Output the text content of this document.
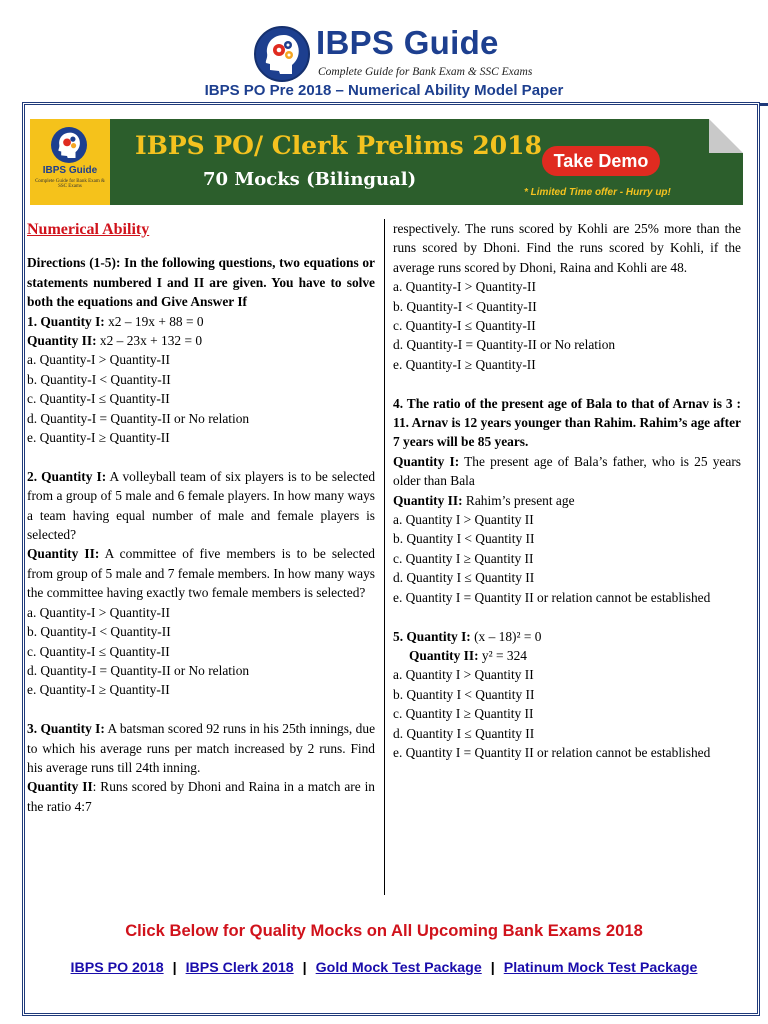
IBPS Guide
Complete Guide for Bank Exam & SSC Exams
IBPS PO Pre 2018 – Numerical Ability Model Paper
IBPS Guide
Complete Guide for Bank Exam & SSC Exams
IBPS PO/ Clerk Prelims 2018
70 Mocks (Bilingual)
Take Demo
* Limited Time offer - Hurry up!

Numerical Ability

Directions (1-5): In the following questions, two equations or statements numbered I and II are given. You have to solve both the equations and Give Answer If

1. Quantity I: x2 – 19x + 88 = 0

Quantity II: x2 – 23x + 132 = 0

a. Quantity-I > Quantity-II

b. Quantity-I < Quantity-II

c. Quantity-I ≤ Quantity-II

d. Quantity-I = Quantity-II or No relation

e. Quantity-I ≥ Quantity-II

2. Quantity I: A volleyball team of six players is to be selected from a group of 5 male and 6 female players. In how many ways a team having equal number of male and female players is selected?

Quantity II: A committee of five members is to be selected from group of 5 male and 7 female members. In how many ways the committee having exactly two female members is selected?

a. Quantity-I > Quantity-II

b. Quantity-I < Quantity-II

c. Quantity-I ≤ Quantity-II

d. Quantity-I = Quantity-II or No relation

e. Quantity-I ≥ Quantity-II

3. Quantity I: A batsman scored 92 runs in his 25th innings, due to which his average runs per match increased by 2 runs. Find his average runs till 24th inning.

Quantity II: Runs scored by Dhoni and Raina in a match are in the ratio 4:7

respectively. The runs scored by Kohli are 25% more than the runs scored by Dhoni. Find the runs scored by Kohli, if the average runs scored by Dhoni, Raina and Kohli are 48.

a. Quantity-I > Quantity-II

b. Quantity-I < Quantity-II

c. Quantity-I ≤ Quantity-II

d. Quantity-I = Quantity-II or No relation

e. Quantity-I ≥ Quantity-II

4. The ratio of the present age of Bala to that of Arnav is 3 : 11. Arnav is 12 years younger than Rahim. Rahim’s age after 7 years will be 85 years.

Quantity I: The present age of Bala’s father, who is 25 years older than Bala

Quantity II: Rahim’s present age

a. Quantity I > Quantity II

b. Quantity I < Quantity II

c. Quantity I ≥ Quantity II

d. Quantity I ≤ Quantity II

e. Quantity I = Quantity II or relation cannot be established

5. Quantity I: (x – 18)² = 0

Quantity II: y² = 324

a. Quantity I > Quantity II

b. Quantity I < Quantity II

c. Quantity I ≥ Quantity II

d. Quantity I ≤ Quantity II

e. Quantity I = Quantity II or relation cannot be established

Click Below for Quality Mocks on All Upcoming Bank Exams 2018
IBPS PO 2018 | IBPS Clerk 2018 | Gold Mock Test Package | Platinum Mock Test Package
